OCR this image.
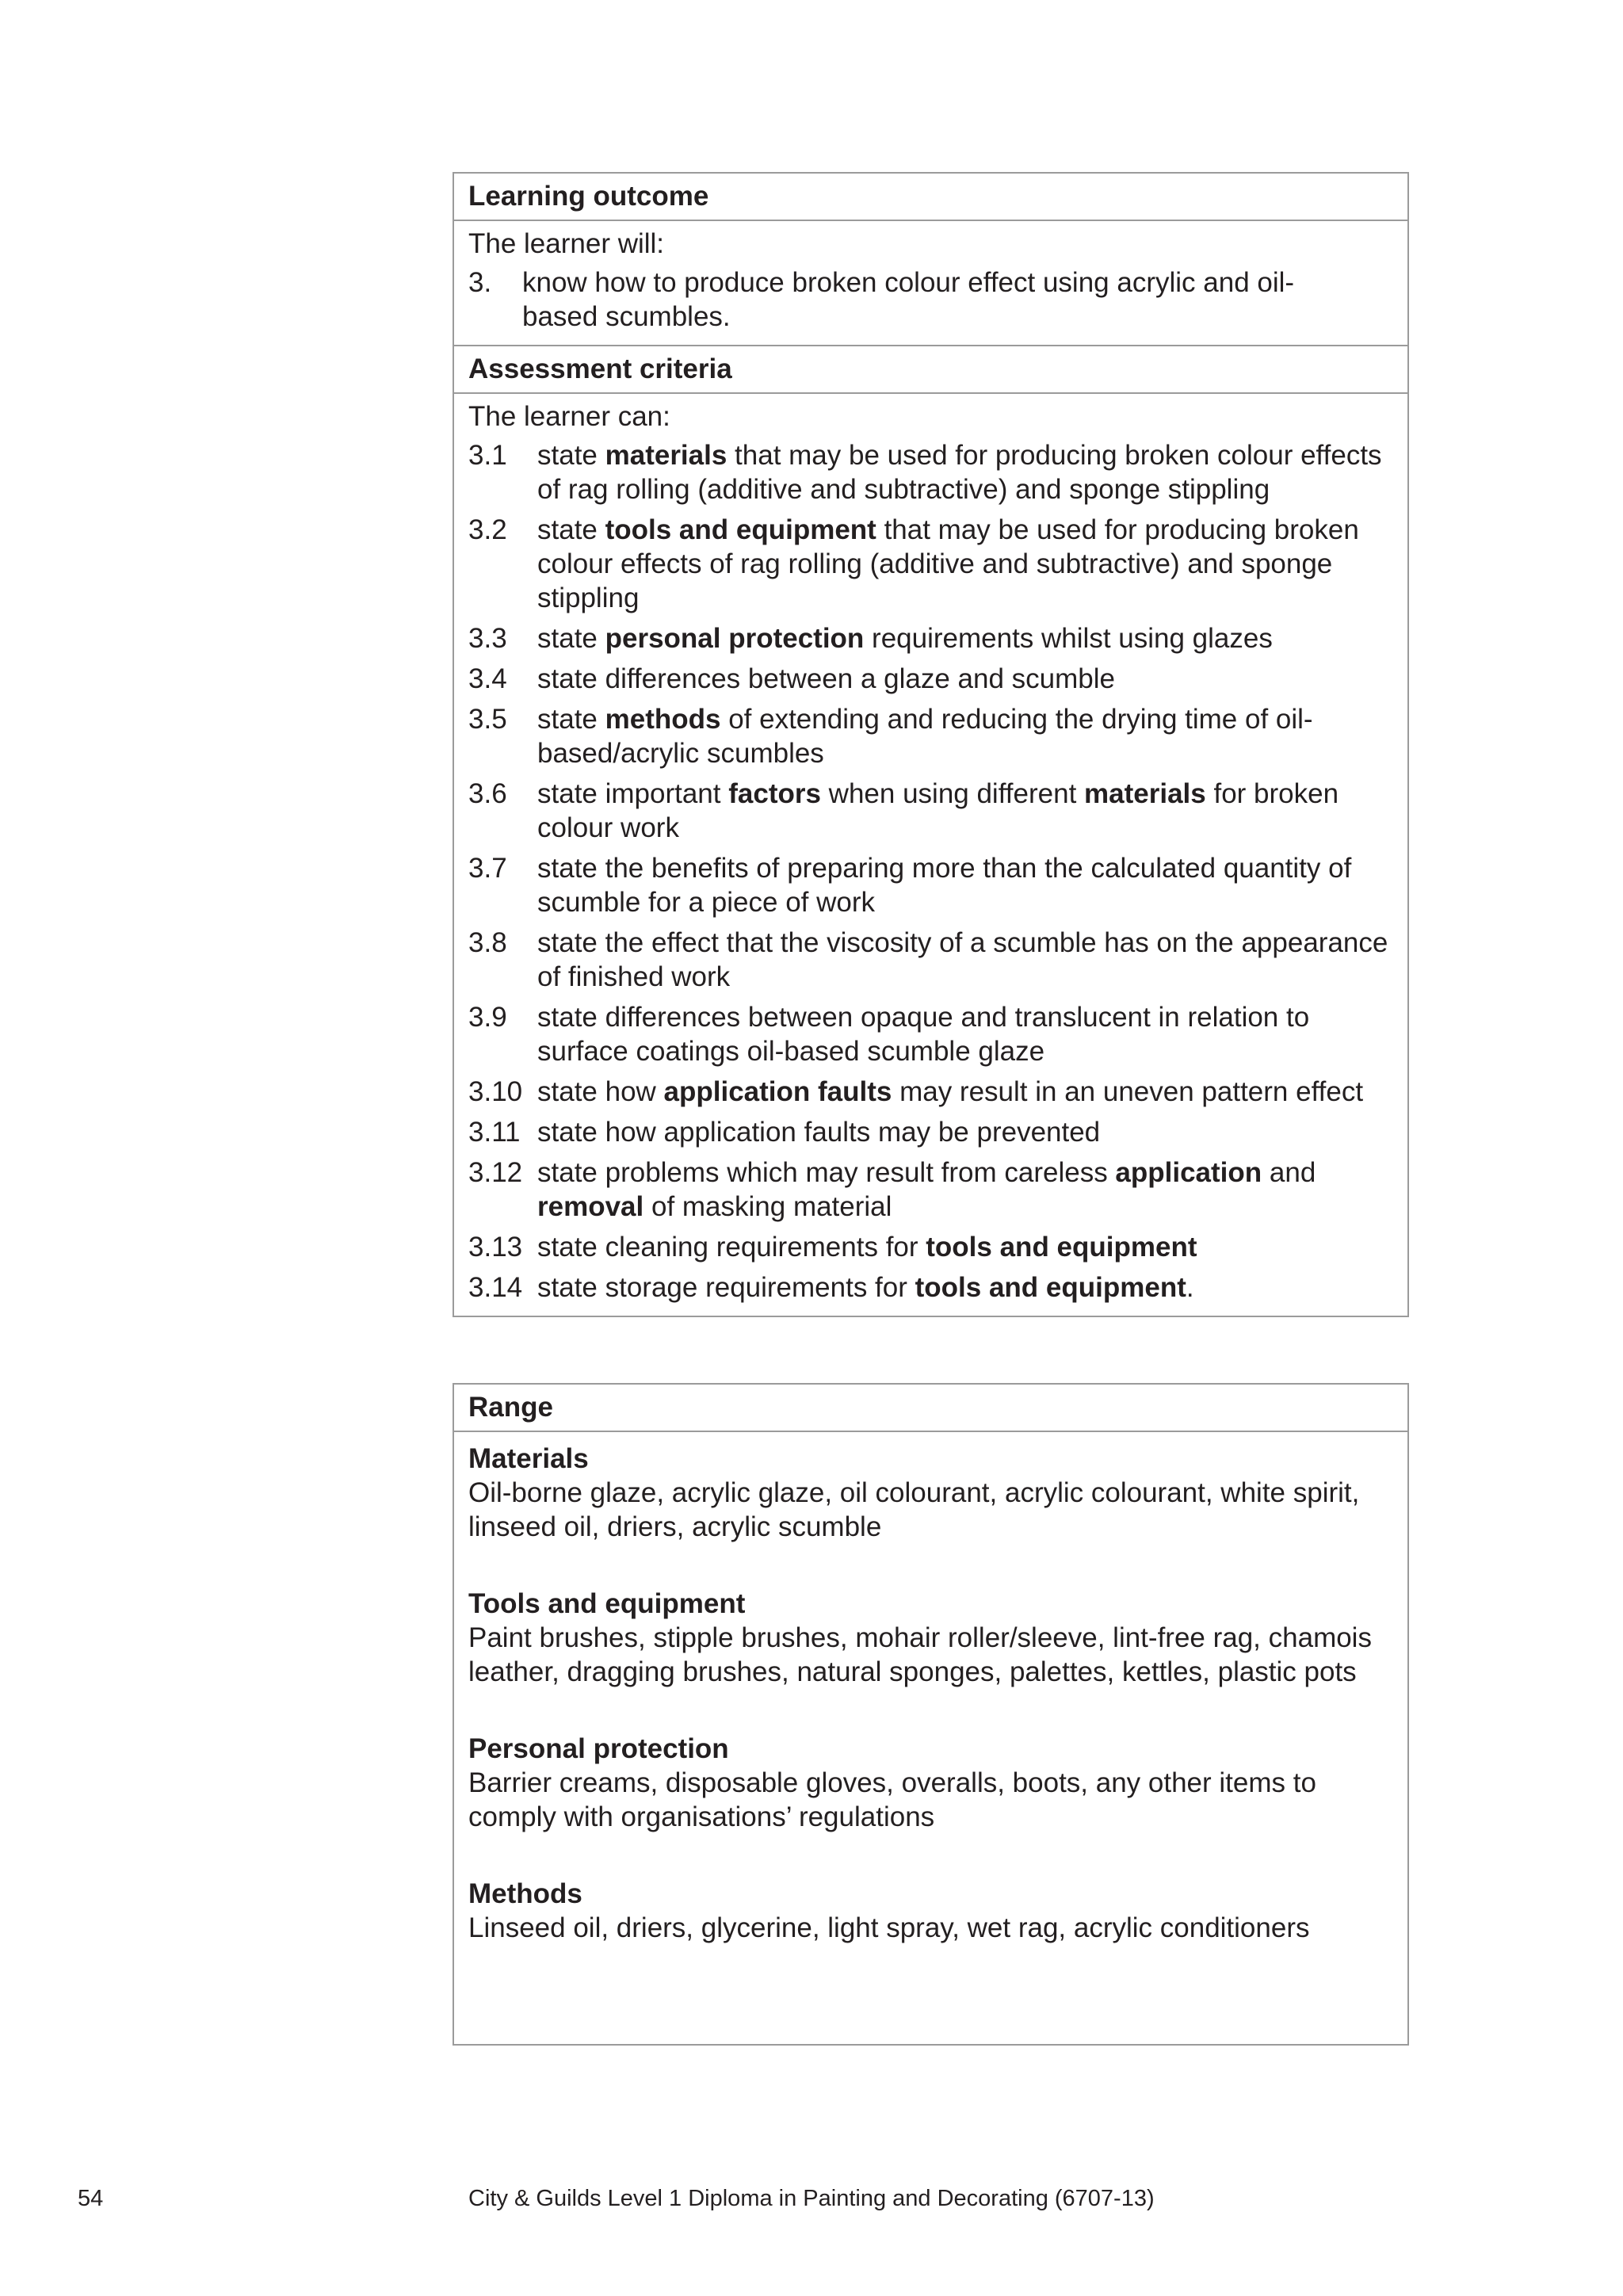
Learning outcome
The learner will:
3.	know how to produce broken colour effect using acrylic and oil-based scumbles.
Assessment criteria
The learner can:
3.1	state materials that may be used for producing broken colour effects of rag rolling (additive and subtractive) and sponge stippling
3.2	state tools and equipment that may be used for producing broken colour effects of rag rolling (additive and subtractive) and sponge stippling
3.3	state personal protection requirements whilst using glazes
3.4	state differences between a glaze and scumble
3.5	state methods of extending and reducing the drying time of oil-based/acrylic scumbles
3.6	state important factors when using different materials for broken colour work
3.7	state the benefits of preparing more than the calculated quantity of scumble for a piece of work
3.8	state the effect that the viscosity of a scumble has on the appearance of finished work
3.9	state differences between opaque and translucent in relation to surface coatings oil-based scumble glaze
3.10 state how application faults may result in an uneven pattern effect
3.11 state how application faults may be prevented
3.12 state problems which may result from careless application and removal of masking material
3.13 state cleaning requirements for tools and equipment
3.14 state storage requirements for tools and equipment.
Range
Materials
Oil-borne glaze, acrylic glaze, oil colourant, acrylic colourant, white spirit, linseed oil, driers, acrylic scumble
Tools and equipment
Paint brushes, stipple brushes, mohair roller/sleeve, lint-free rag, chamois leather, dragging brushes, natural sponges, palettes, kettles, plastic pots
Personal protection
Barrier creams, disposable gloves, overalls, boots, any other items to comply with organisations’ regulations
Methods
Linseed oil, driers, glycerine, light spray, wet rag, acrylic conditioners
54	City & Guilds Level 1 Diploma in Painting and Decorating (6707-13)
